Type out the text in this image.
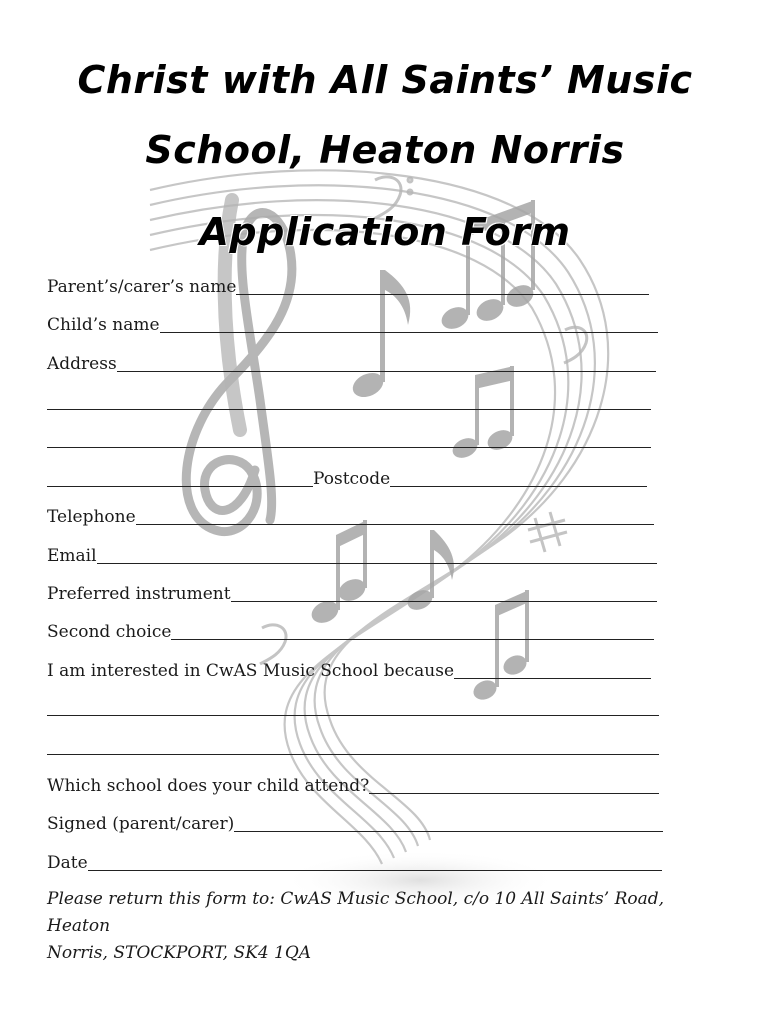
Christ with All Saints’ Music
School, Heaton Norris
Application Form
Parent’s/carer’s name
Child’s name
Address
Postcode
Telephone
Email
Preferred instrument
Second choice
I am interested in CwAS Music School because
Which school does your child attend?
Signed (parent/carer)
Date
Please return this form to: CwAS Music School, c/o 10 All Saints’ Road, Heaton
Norris, STOCKPORT, SK4 1QA
